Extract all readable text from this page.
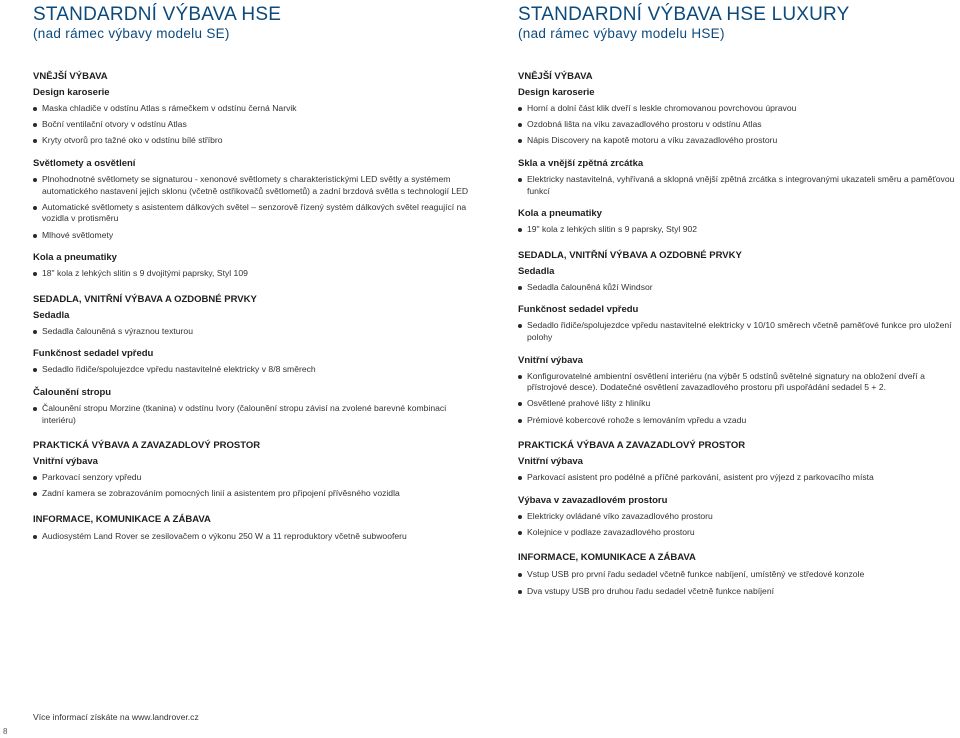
STANDARDNÍ VÝBAVA HSE
(nad rámec výbavy modelu SE)
VNĚJŠÍ VÝBAVA
Design karoserie
Maska chladiče v odstínu Atlas s rámečkem v odstínu černá Narvik
Boční ventilační otvory v odstínu Atlas
Kryty otvorů pro tažné oko v odstínu bílé stříbro
Světlomety a osvětlení
Plnohodnotné světlomety se signaturou - xenonové světlomety s charakteristickými LED světly a systémem automatického nastavení jejich sklonu (včetně ostřikovačů světlometů) a zadní brzdová světla s technologií LED
Automatické světlomety s asistentem dálkových světel – senzorově řízený systém dálkových světel reagující na vozidla v protisměru
Mlhové světlomety
Kola a pneumatiky
18" kola z lehkých slitin s 9 dvojitými paprsky, Styl 109
SEDADLA, VNITŘNÍ VÝBAVA A OZDOBNÉ PRVKY
Sedadla
Sedadla čalouněná s výraznou texturou
Funkčnost sedadel vpředu
Sedadlo řidiče/spolujezdce vpředu nastavitelné elektricky v 8/8 směrech
Čalounění stropu
Čalounění stropu Morzine (tkanina) v odstínu Ivory (čalounění stropu závisí na zvolené barevné kombinaci interiéru)
PRAKTICKÁ VÝBAVA A ZAVAZADLOVÝ PROSTOR
Vnitřní výbava
Parkovací senzory vpředu
Zadní kamera se zobrazováním pomocných linií a asistentem pro připojení přívěsného vozidla
INFORMACE, KOMUNIKACE A ZÁBAVA
Audiosystém Land Rover se zesilovačem o výkonu 250 W a 11 reproduktory včetně subwooferu
STANDARDNÍ VÝBAVA HSE LUXURY
(nad rámec výbavy modelu HSE)
VNĚJŠÍ VÝBAVA
Design karoserie
Horní a dolní část klik dveří s leskle chromovanou povrchovou úpravou
Ozdobná lišta na víku zavazadlového prostoru v odstínu Atlas
Nápis Discovery na kapotě motoru a víku zavazadlového prostoru
Skla a vnější zpětná zrcátka
Elektricky nastavitelná, vyhřívaná a sklopná vnější zpětná zrcátka s integrovanými ukazateli směru a paměťovou funkcí
Kola a pneumatiky
19" kola z lehkých slitin s 9 paprsky, Styl 902
SEDADLA, VNITŘNÍ VÝBAVA A OZDOBNÉ PRVKY
Sedadla
Sedadla čalouněná kůží Windsor
Funkčnost sedadel vpředu
Sedadlo řidiče/spolujezdce vpředu nastavitelné elektricky v 10/10 směrech včetně paměťové funkce pro uložení polohy
Vnitřní výbava
Konfigurovatelné ambientní osvětlení interiéru (na výběr 5 odstínů světelné signatury na obložení dveří a přístrojové desce). Dodatečné osvětlení zavazadlového prostoru při uspořádání sedadel 5 + 2.
Osvětlené prahové lišty z hliníku
Prémiové kobercové rohože s lemováním vpředu a vzadu
PRAKTICKÁ VÝBAVA A ZAVAZADLOVÝ PROSTOR
Vnitřní výbava
Parkovací asistent pro podélné a příčné parkování, asistent pro výjezd z parkovacího místa
Výbava v zavazadlovém prostoru
Elektricky ovládané víko zavazadlového prostoru
Kolejnice v podlaze zavazadlového prostoru
INFORMACE, KOMUNIKACE A ZÁBAVA
Vstup USB pro první řadu sedadel včetně funkce nabíjení, umístěný ve středové konzole
Dva vstupy USB pro druhou řadu sedadel včetně funkce nabíjení
Více informací získáte na www.landrover.cz
8
